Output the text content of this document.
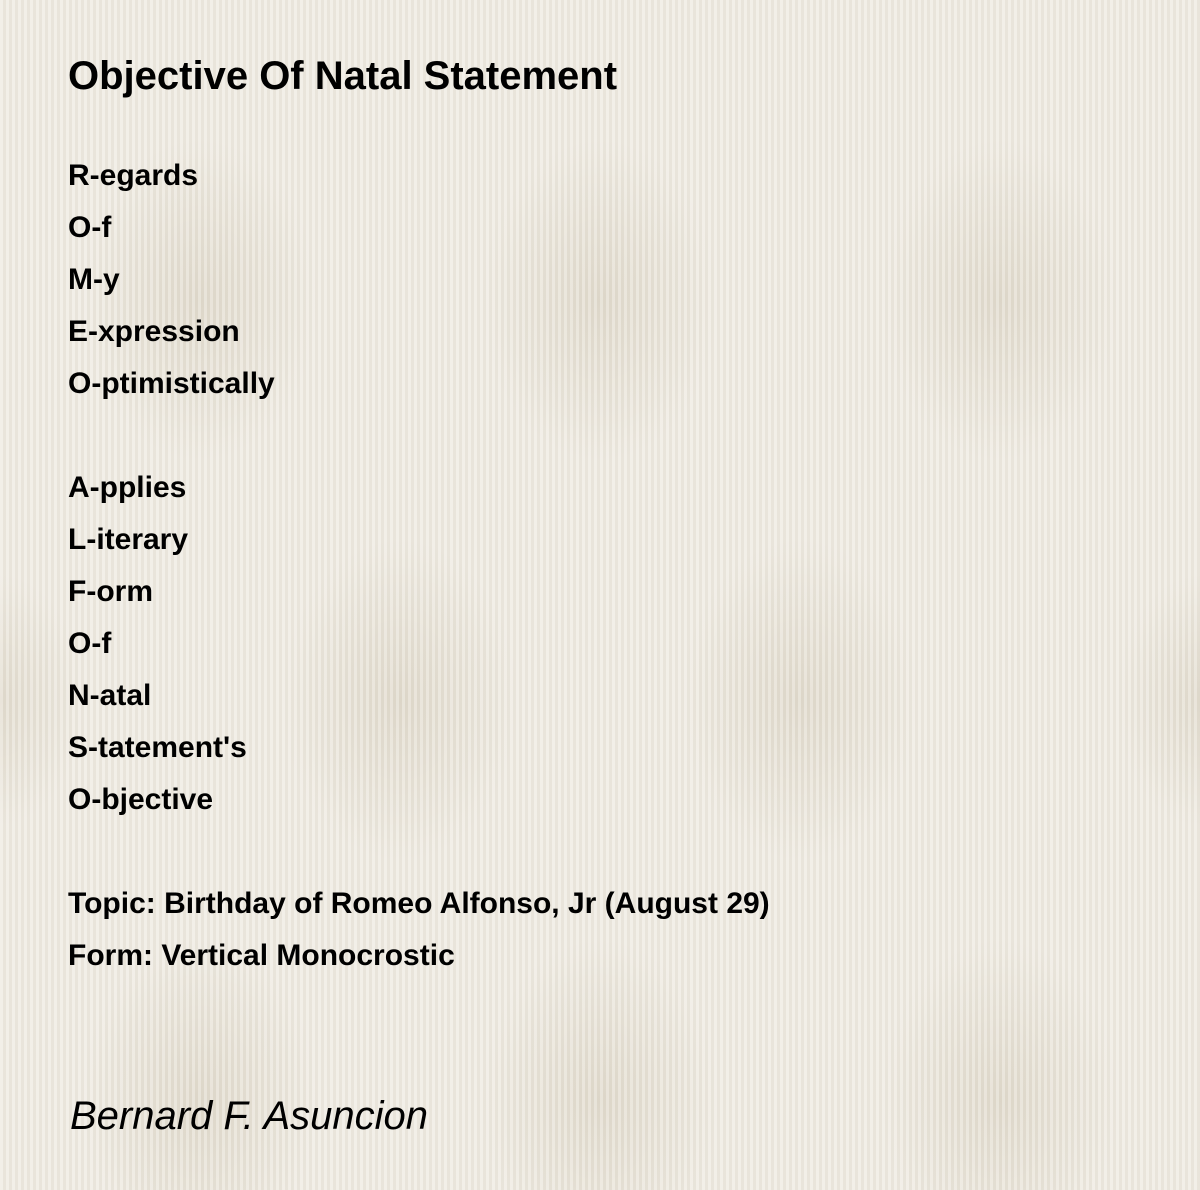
Objective Of Natal Statement
R-egards
O-f
M-y
E-xpression
O-ptimistically
A-pplies
L-iterary
F-orm
O-f
N-atal
S-tatement's
O-bjective
Topic: Birthday of Romeo Alfonso, Jr (August 29)
Form: Vertical Monocrostic
Bernard F. Asuncion
